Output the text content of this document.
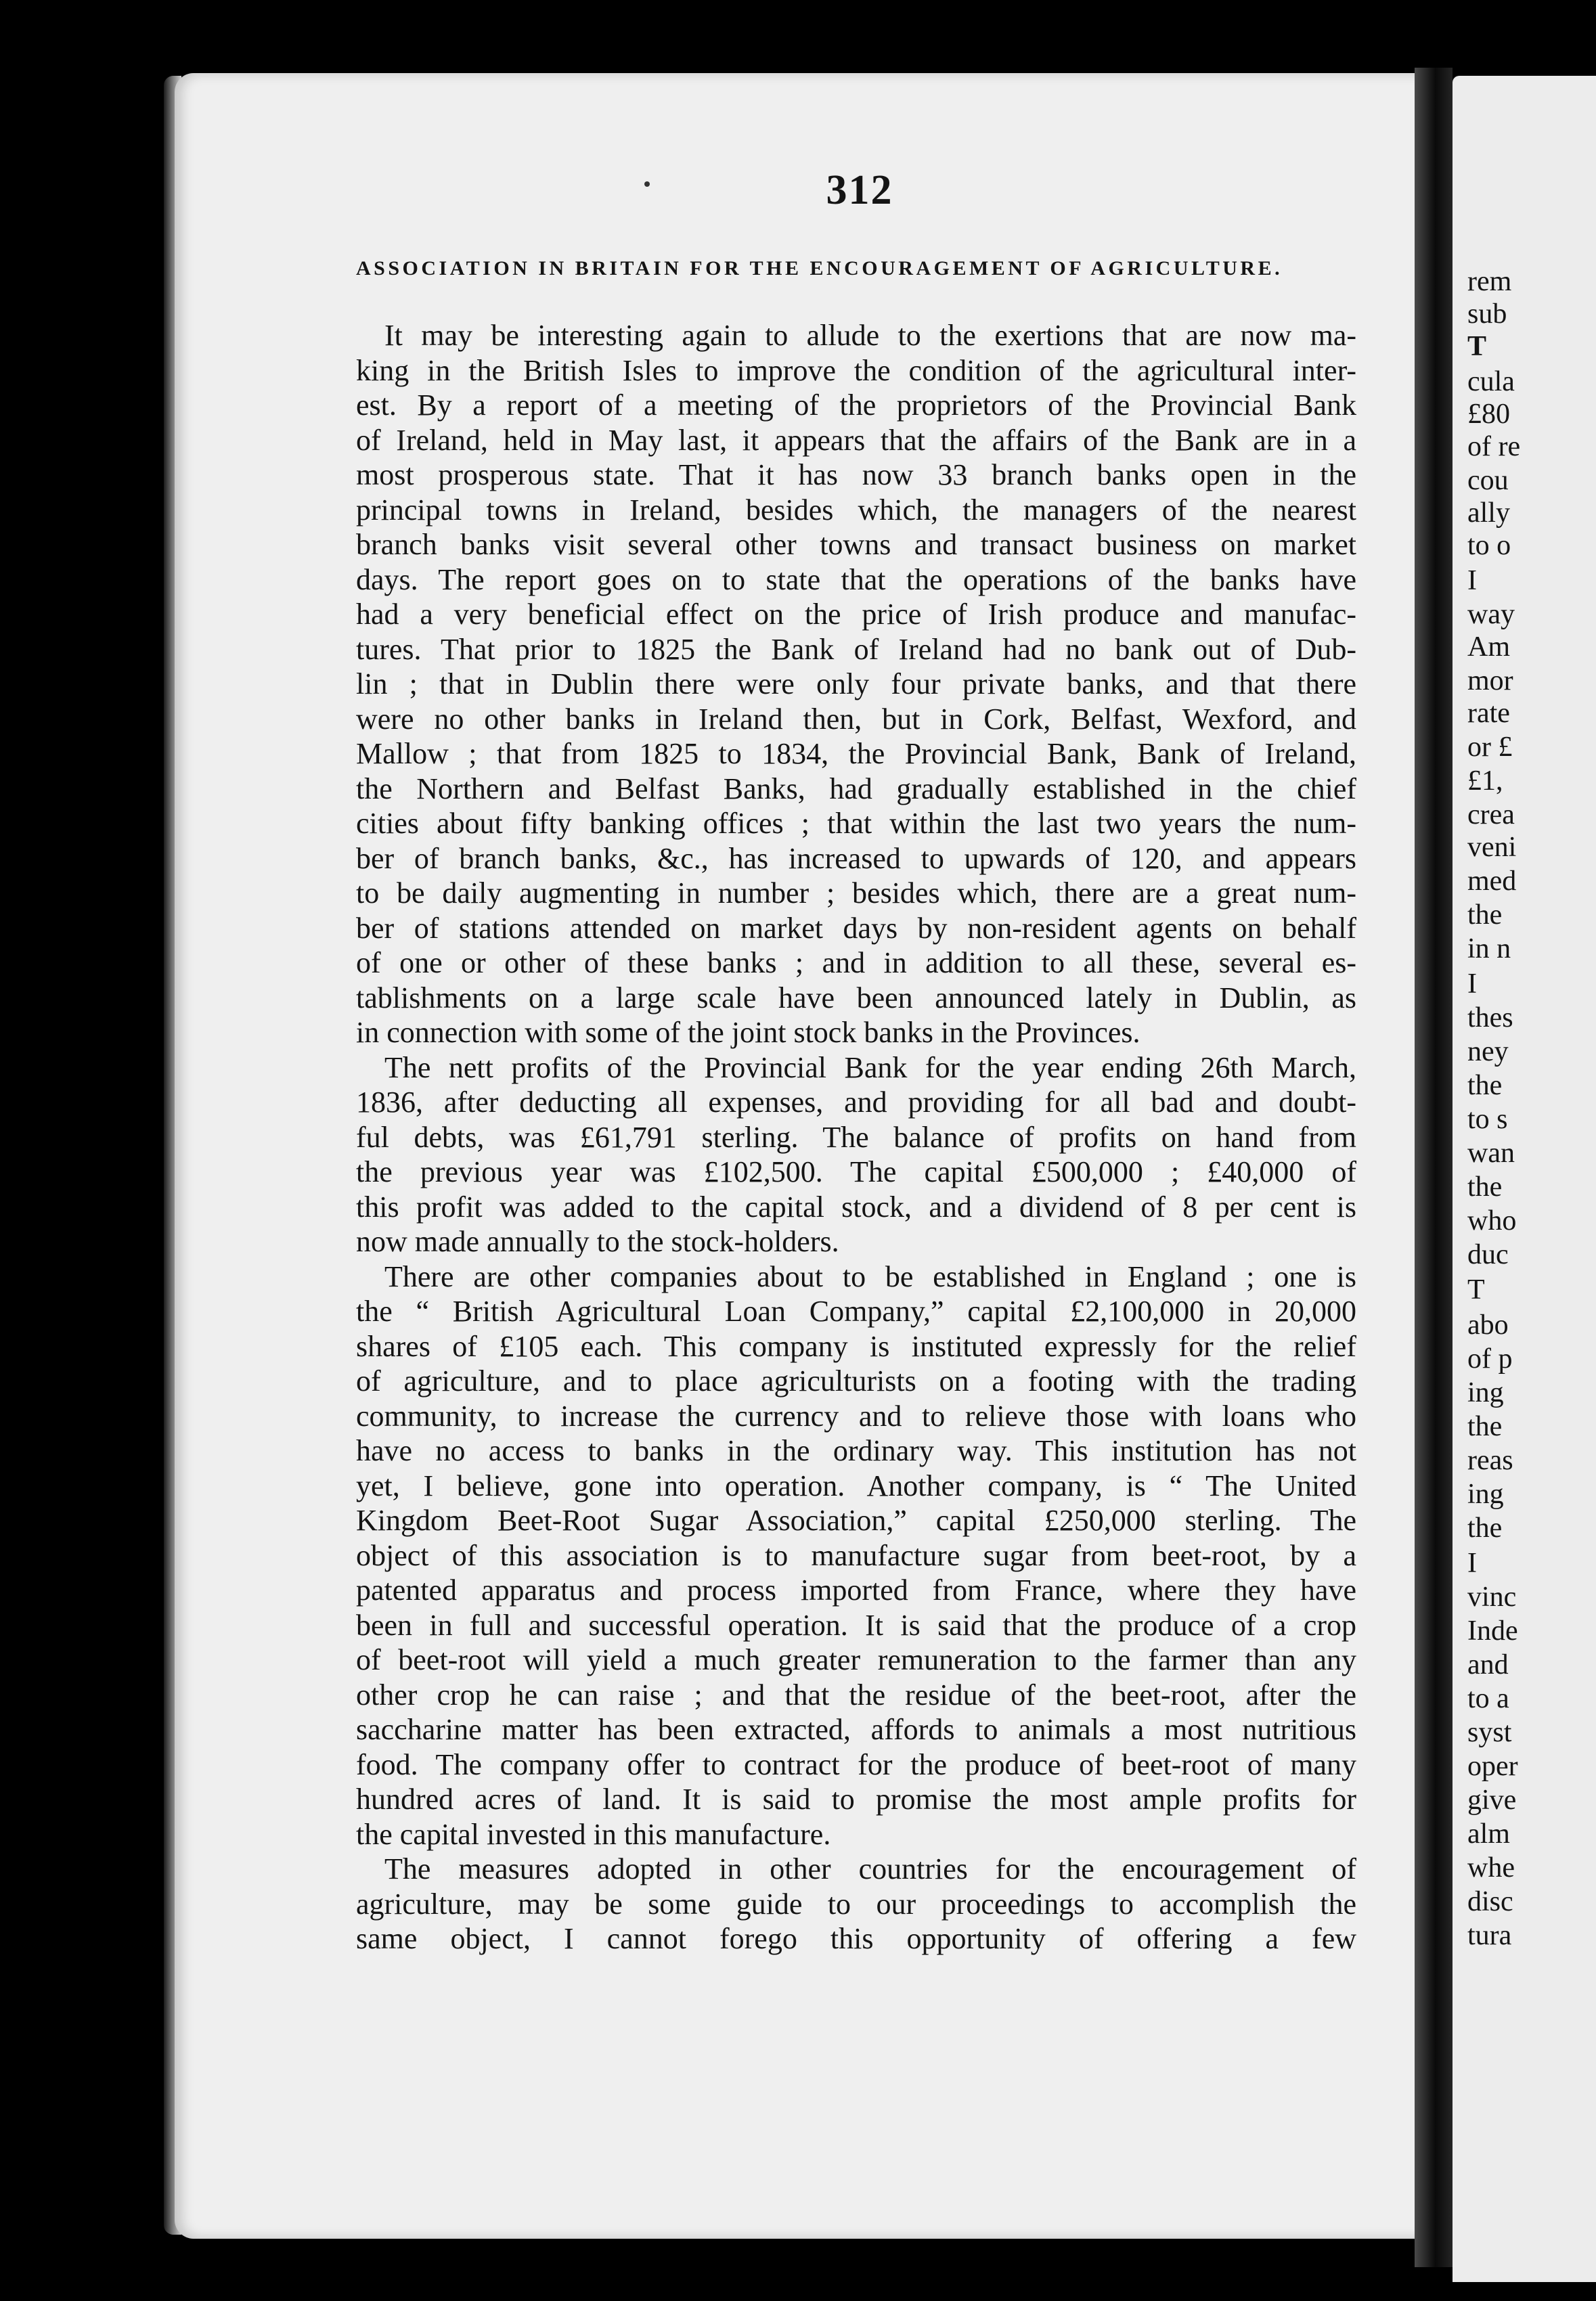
rem
sub
T
cula
£80
of re
cou
ally
to o
I
way
Am
mor
rate
or £
£1,
crea
veni
med
the
in n
I
thes
ney
the
to s
wan
the
who
duc
T
abo
of p
ing
the
reas
ing
the
I
vinc
Inde
and
to a
syst
oper
give
alm
whe
disc
tura
312
ASSOCIATION IN BRITAIN FOR THE ENCOURAGEMENT OF AGRICULTURE.
It may be interesting again to allude to the exertions that are now ma-
king in the British Isles to improve the condition of the agricultural inter-
est. By a report of a meeting of the proprietors of the Provincial Bank
of Ireland, held in May last, it appears that the affairs of the Bank are in a
most prosperous state. That it has now 33 branch banks open in the
principal towns in Ireland, besides which, the managers of the nearest
branch banks visit several other towns and transact business on market
days. The report goes on to state that the operations of the banks have
had a very beneficial effect on the price of Irish produce and manufac-
tures. That prior to 1825 the Bank of Ireland had no bank out of Dub-
lin ; that in Dublin there were only four private banks, and that there
were no other banks in Ireland then, but in Cork, Belfast, Wexford, and
Mallow ; that from 1825 to 1834, the Provincial Bank, Bank of Ireland,
the Northern and Belfast Banks, had gradually established in the chief
cities about fifty banking offices ; that within the last two years the num-
ber of branch banks, &c., has increased to upwards of 120, and appears
to be daily augmenting in number ; besides which, there are a great num-
ber of stations attended on market days by non-resident agents on behalf
of one or other of these banks ; and in addition to all these, several es-
tablishments on a large scale have been announced lately in Dublin, as
in connection with some of the joint stock banks in the Provinces.
The nett profits of the Provincial Bank for the year ending 26th March,
1836, after deducting all expenses, and providing for all bad and doubt-
ful debts, was £61,791 sterling. The balance of profits on hand from
the previous year was £102,500. The capital £500,000 ; £40,000 of
this profit was added to the capital stock, and a dividend of 8 per cent is
now made annually to the stock-holders.
There are other companies about to be established in England ; one is
the “ British Agricultural Loan Company,” capital £2,100,000 in 20,000
shares of £105 each. This company is instituted expressly for the relief
of agriculture, and to place agriculturists on a footing with the trading
community, to increase the currency and to relieve those with loans who
have no access to banks in the ordinary way. This institution has not
yet, I believe, gone into operation. Another company, is “ The United
Kingdom Beet-Root Sugar Association,” capital £250,000 sterling. The
object of this association is to manufacture sugar from beet-root, by a
patented apparatus and process imported from France, where they have
been in full and successful operation. It is said that the produce of a crop
of beet-root will yield a much greater remuneration to the farmer than any
other crop he can raise ; and that the residue of the beet-root, after the
saccharine matter has been extracted, affords to animals a most nutritious
food. The company offer to contract for the produce of beet-root of many
hundred acres of land. It is said to promise the most ample profits for
the capital invested in this manufacture.
The measures adopted in other countries for the encouragement of
agriculture, may be some guide to our proceedings to accomplish the
same object, I cannot forego this opportunity of offering a few
